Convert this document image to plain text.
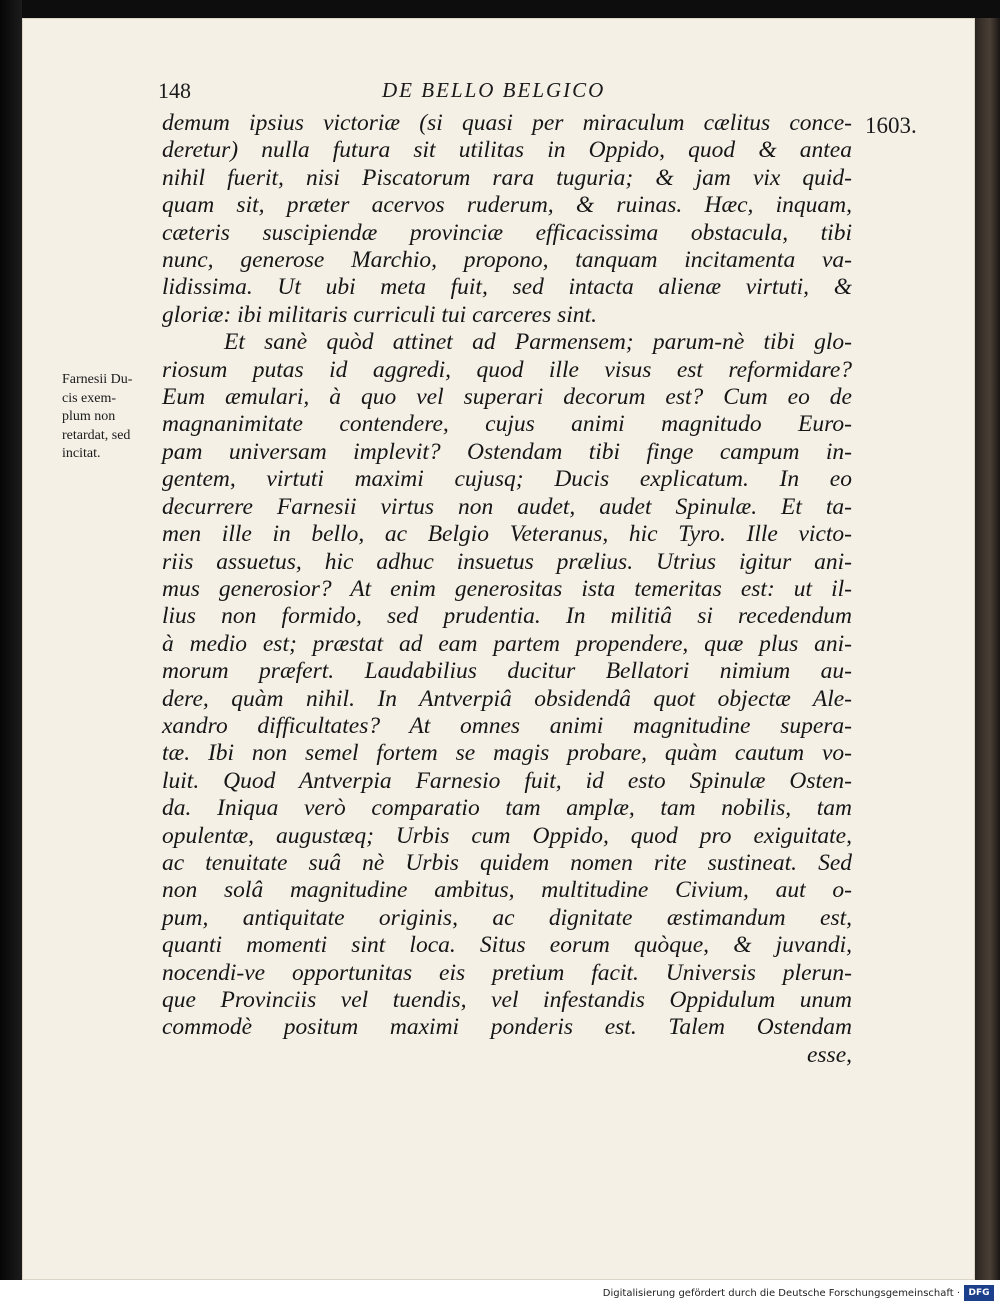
148	DE BELLO BELGICO
1603.
Farnesii Du-
cis exem-
plum non
retardat, sed
incitat.
demum ipsius victoriæ (si quasi per miraculum cælitus conce-
deretur) nulla futura sit utilitas in Oppido, quod & antea
nihil fuerit, nisi Piscatorum rara tuguria; & jam vix quid-
quam sit, præter acervos ruderum, & ruinas. Hæc, inquam,
cæteris suscipiendæ provinciæ efficacissima obstacula, tibi
nunc, generose Marchio, propono, tanquam incitamenta va-
lidissima. Ut ubi meta fuit, sed intacta alienæ virtuti, &
gloriæ: ibi militaris curriculi tui carceres sint.
Et sanè quòd attinet ad Parmensem; parum-nè tibi glo-
riosum putas id aggredi, quod ille visus est reformidare?
Eum æmulari, à quo vel superari decorum est? Cum eo de
magnanimitate contendere, cujus animi magnitudo Euro-
pam universam implevit? Ostendam tibi finge campum in-
gentem, virtuti maximi cujusq; Ducis explicatum. In eo
decurrere Farnesii virtus non audet, audet Spinulæ. Et ta-
men ille in bello, ac Belgio Veteranus, hic Tyro. Ille victo-
riis assuetus, hic adhuc insuetus prælius. Utrius igitur ani-
mus generosior? At enim generositas ista temeritas est: ut il-
lius non formido, sed prudentia. In militiâ si recedendum
à medio est; præstat ad eam partem propendere, quæ plus ani-
morum præfert. Laudabilius ducitur Bellatori nimium au-
dere, quàm nihil. In Antverpiâ obsidendâ quot objectæ Ale-
xandro difficultates? At omnes animi magnitudine supera-
tæ. Ibi non semel fortem se magis probare, quàm cautum vo-
luit. Quod Antverpia Farnesio fuit, id esto Spinulæ Osten-
da. Iniqua verò comparatio tam amplæ, tam nobilis, tam
opulentæ, augustæq; Urbis cum Oppido, quod pro exiguitate,
ac tenuitate suâ nè Urbis quidem nomen rite sustineat. Sed
non solâ magnitudine ambitus, multitudine Civium, aut o-
pum, antiquitate originis, ac dignitate æstimandum est,
quanti momenti sint loca. Situs eorum quòque, & juvandi,
nocendi-ve opportunitas eis pretium facit. Universis plerun-
que Provinciis vel tuendis, vel infestandis Oppidulum unum
commodè positum maximi ponderis est. Talem Ostendam
esse,
Digitalisierung gefördert durch die Deutsche Forschungsgemeinschaft · DFG
